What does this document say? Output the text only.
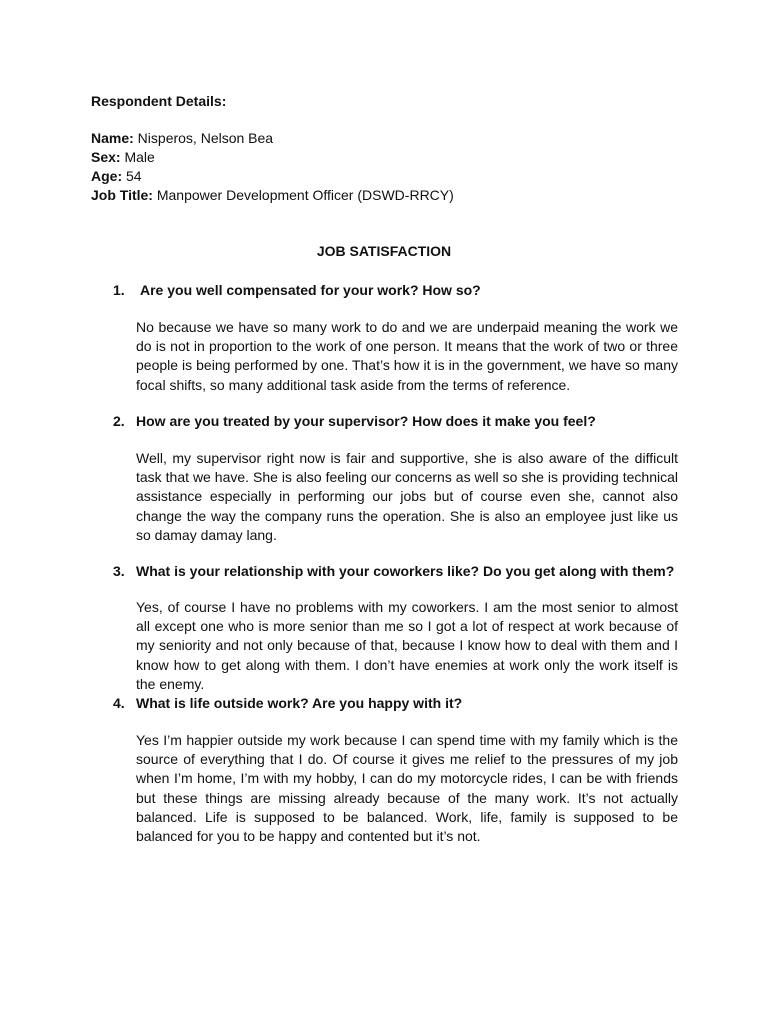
Respondent Details:
Name: Nisperos, Nelson Bea
Sex: Male
Age: 54
Job Title: Manpower Development Officer (DSWD-RRCY)
JOB SATISFACTION
1. Are you well compensated for your work? How so?

No because we have so many work to do and we are underpaid meaning the work we do is not in proportion to the work of one person. It means that the work of two or three people is being performed by one. That’s how it is in the government, we have so many focal shifts, so many additional task aside from the terms of reference.

2. How are you treated by your supervisor? How does it make you feel?

Well, my supervisor right now is fair and supportive, she is also aware of the difficult task that we have. She is also feeling our concerns as well so she is providing technical assistance especially in performing our jobs but of course even she, cannot also change the way the company runs the operation. She is also an employee just like us so damay damay lang.

3. What is your relationship with your coworkers like? Do you get along with them?

Yes, of course I have no problems with my coworkers. I am the most senior to almost all except one who is more senior than me so I got a lot of respect at work because of my seniority and not only because of that, because I know how to deal with them and I know how to get along with them. I don’t have enemies at work only the work itself is the enemy.

4. What is life outside work? Are you happy with it?

Yes I’m happier outside my work because I can spend time with my family which is the source of everything that I do. Of course it gives me relief to the pressures of my job when I’m home, I’m with my hobby, I can do my motorcycle rides, I can be with friends but these things are missing already because of the many work. It’s not actually balanced. Life is supposed to be balanced. Work, life, family is supposed to be balanced for you to be happy and contented but it’s not.
